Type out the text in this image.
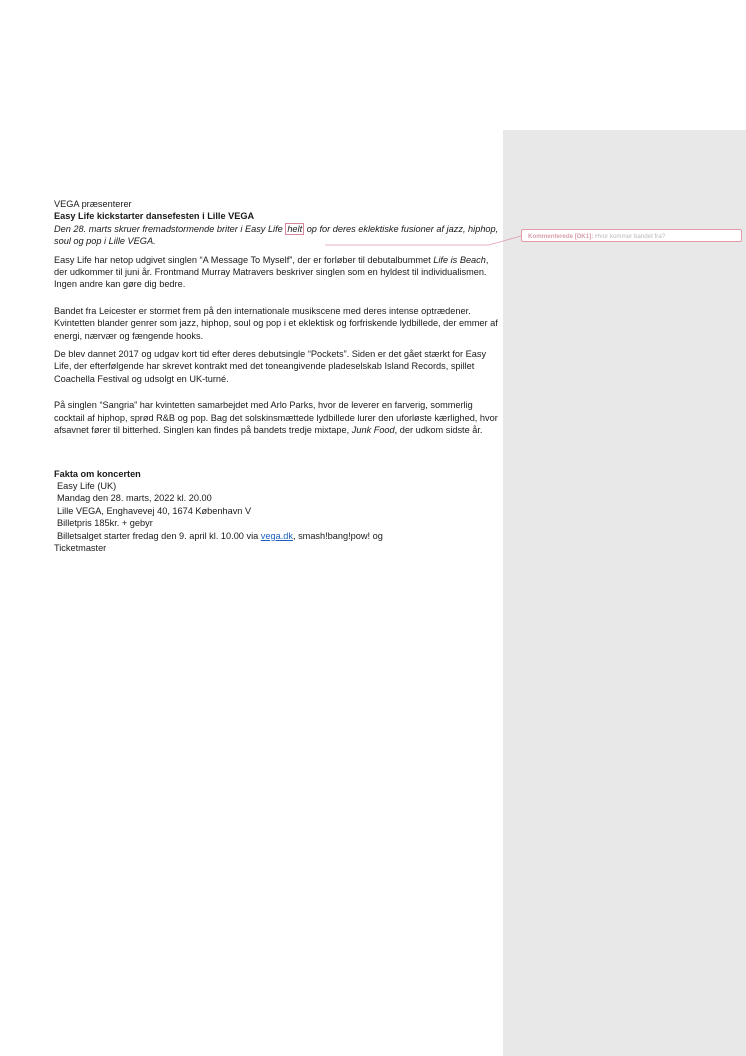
Kommenterede [DK1]: Hvor kommer bandet fra?

VEGA præsenterer

Easy Life kickstarter dansefesten i Lille VEGA

Den 28. marts skruer fremadstormende briter i Easy Life helt op for deres eklektiske fusioner af jazz, hiphop, soul og pop i Lille VEGA.

Easy Life har netop udgivet singlen “A Message To Myself”, der er forløber til debutalbummet Life is Beach, der udkommer til juni år. Frontmand Murray Matravers beskriver singlen som en hyldest til individualismen. Ingen andre kan gøre dig bedre.

Bandet fra Leicester er stormet frem på den internationale musikscene med deres intense optrædener. Kvintetten blander genrer som jazz, hiphop, soul og pop i et eklektisk og forfriskende lydbillede, der emmer af energi, nærvær og fængende hooks.

De blev dannet 2017 og udgav kort tid efter deres debutsingle “Pockets”. Siden er det gået stærkt for Easy Life, der efterfølgende har skrevet kontrakt med det toneangivende pladeselskab Island Records, spillet Coachella Festival og udsolgt en UK-turné.

På singlen “Sangria” har kvintetten samarbejdet med Arlo Parks, hvor de leverer en farverig, sommerlig cocktail af hiphop, sprød R&B og pop. Bag det solskinsmættede lydbillede lurer den uforløste kærlighed, hvor afsavnet fører til bitterhed. Singlen kan findes på bandets tredje mixtape, Junk Food, der udkom sidste år.

Fakta om koncerten

Easy Life (UK)

Mandag den 28. marts, 2022 kl. 20.00

Lille VEGA, Enghavevej 40, 1674 København V

Billetpris 185kr. + gebyr

Billetsalget starter fredag den 9. april kl. 10.00 via vega.dk, smash!bang!pow! og

Ticketmaster
